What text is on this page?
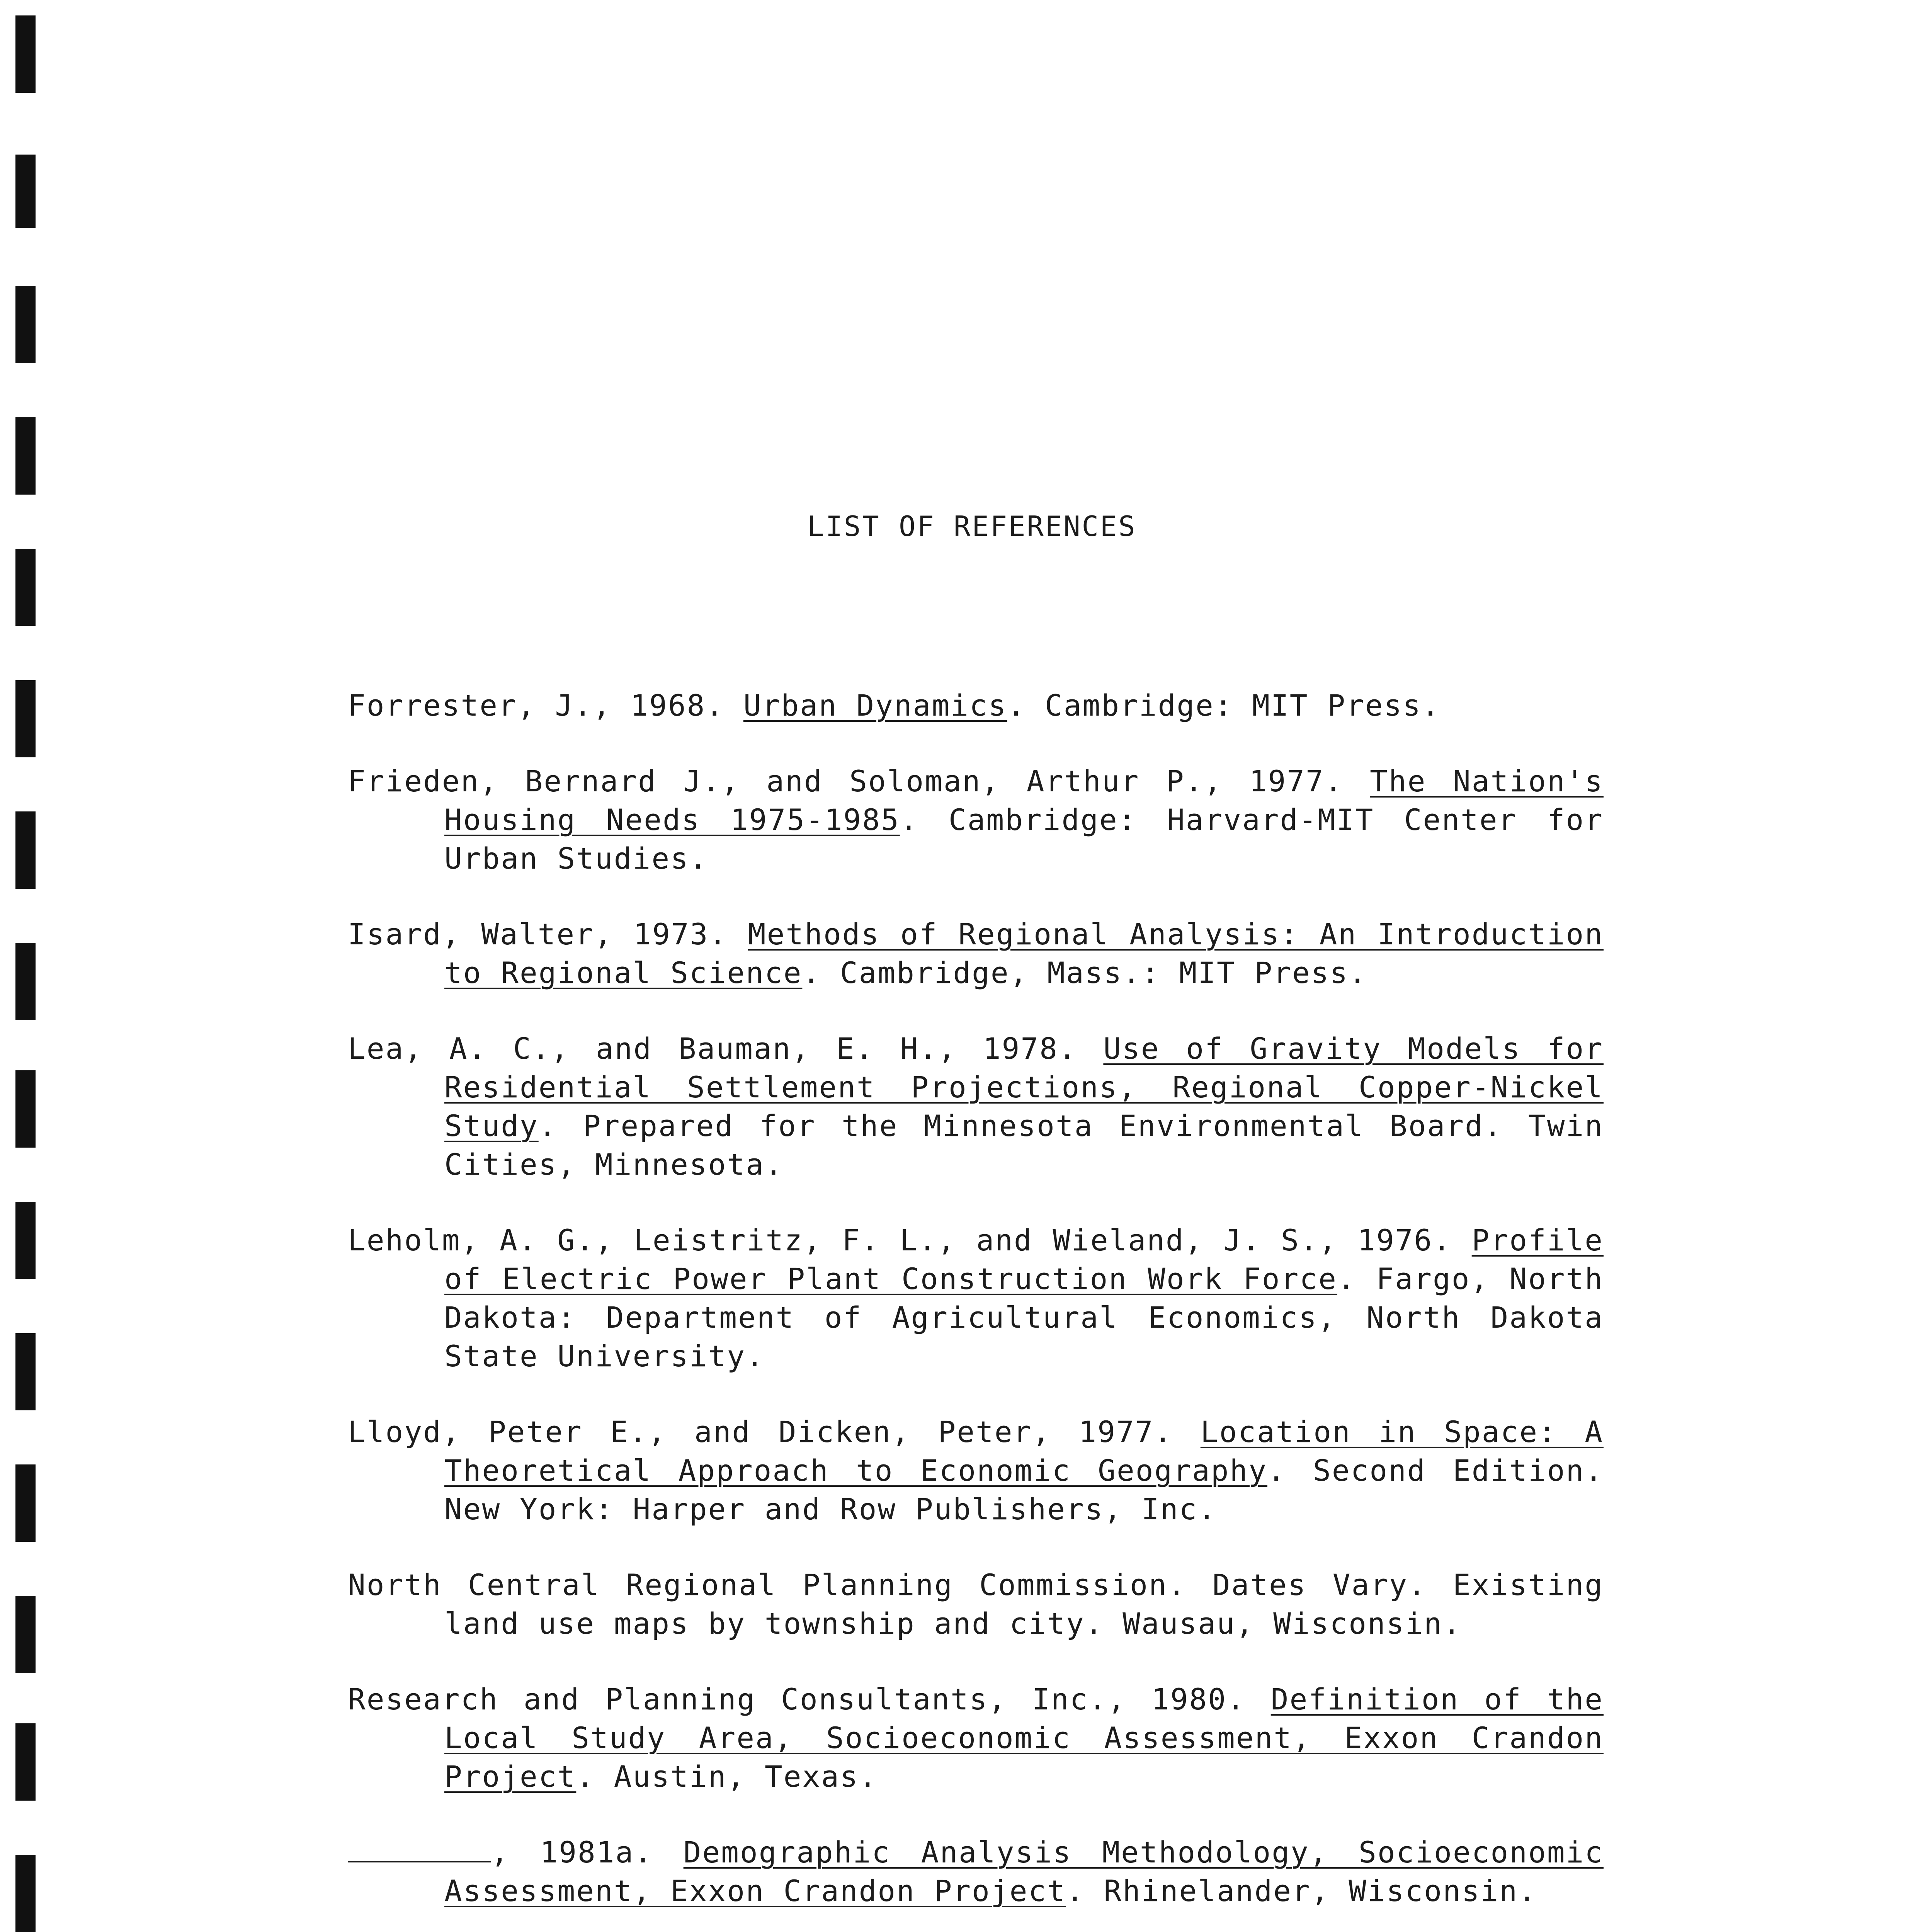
LIST OF REFERENCES

Forrester, J., 1968. Urban Dynamics. Cambridge: MIT Press.

Frieden, Bernard J., and Soloman, Arthur P., 1977. The Nation's Housing Needs 1975-1985. Cambridge: Harvard-MIT Center for Urban Studies.

Isard, Walter, 1973. Methods of Regional Analysis: An Introduction to Regional Science. Cambridge, Mass.: MIT Press.

Lea, A. C., and Bauman, E. H., 1978. Use of Gravity Models for Residential Settlement Projections, Regional Copper-Nickel Study. Prepared for the Minnesota Environmental Board. Twin Cities, Minnesota.

Leholm, A. G., Leistritz, F. L., and Wieland, J. S., 1976. Profile of Electric Power Plant Construction Work Force. Fargo, North Dakota: Department of Agricultural Economics, North Dakota State University.

Lloyd, Peter E., and Dicken, Peter, 1977. Location in Space: A Theoretical Approach to Economic Geography. Second Edition. New York: Harper and Row Publishers, Inc.

North Central Regional Planning Commission. Dates Vary. Existing land use maps by township and city. Wausau, Wisconsin.

Research and Planning Consultants, Inc., 1980. Definition of the Local Study Area, Socioeconomic Assessment, Exxon Crandon Project. Austin, Texas.

, 1981a. Demographic Analysis Methodology, Socioeconomic Assessment, Exxon Crandon Project. Rhinelander, Wisconsin.
